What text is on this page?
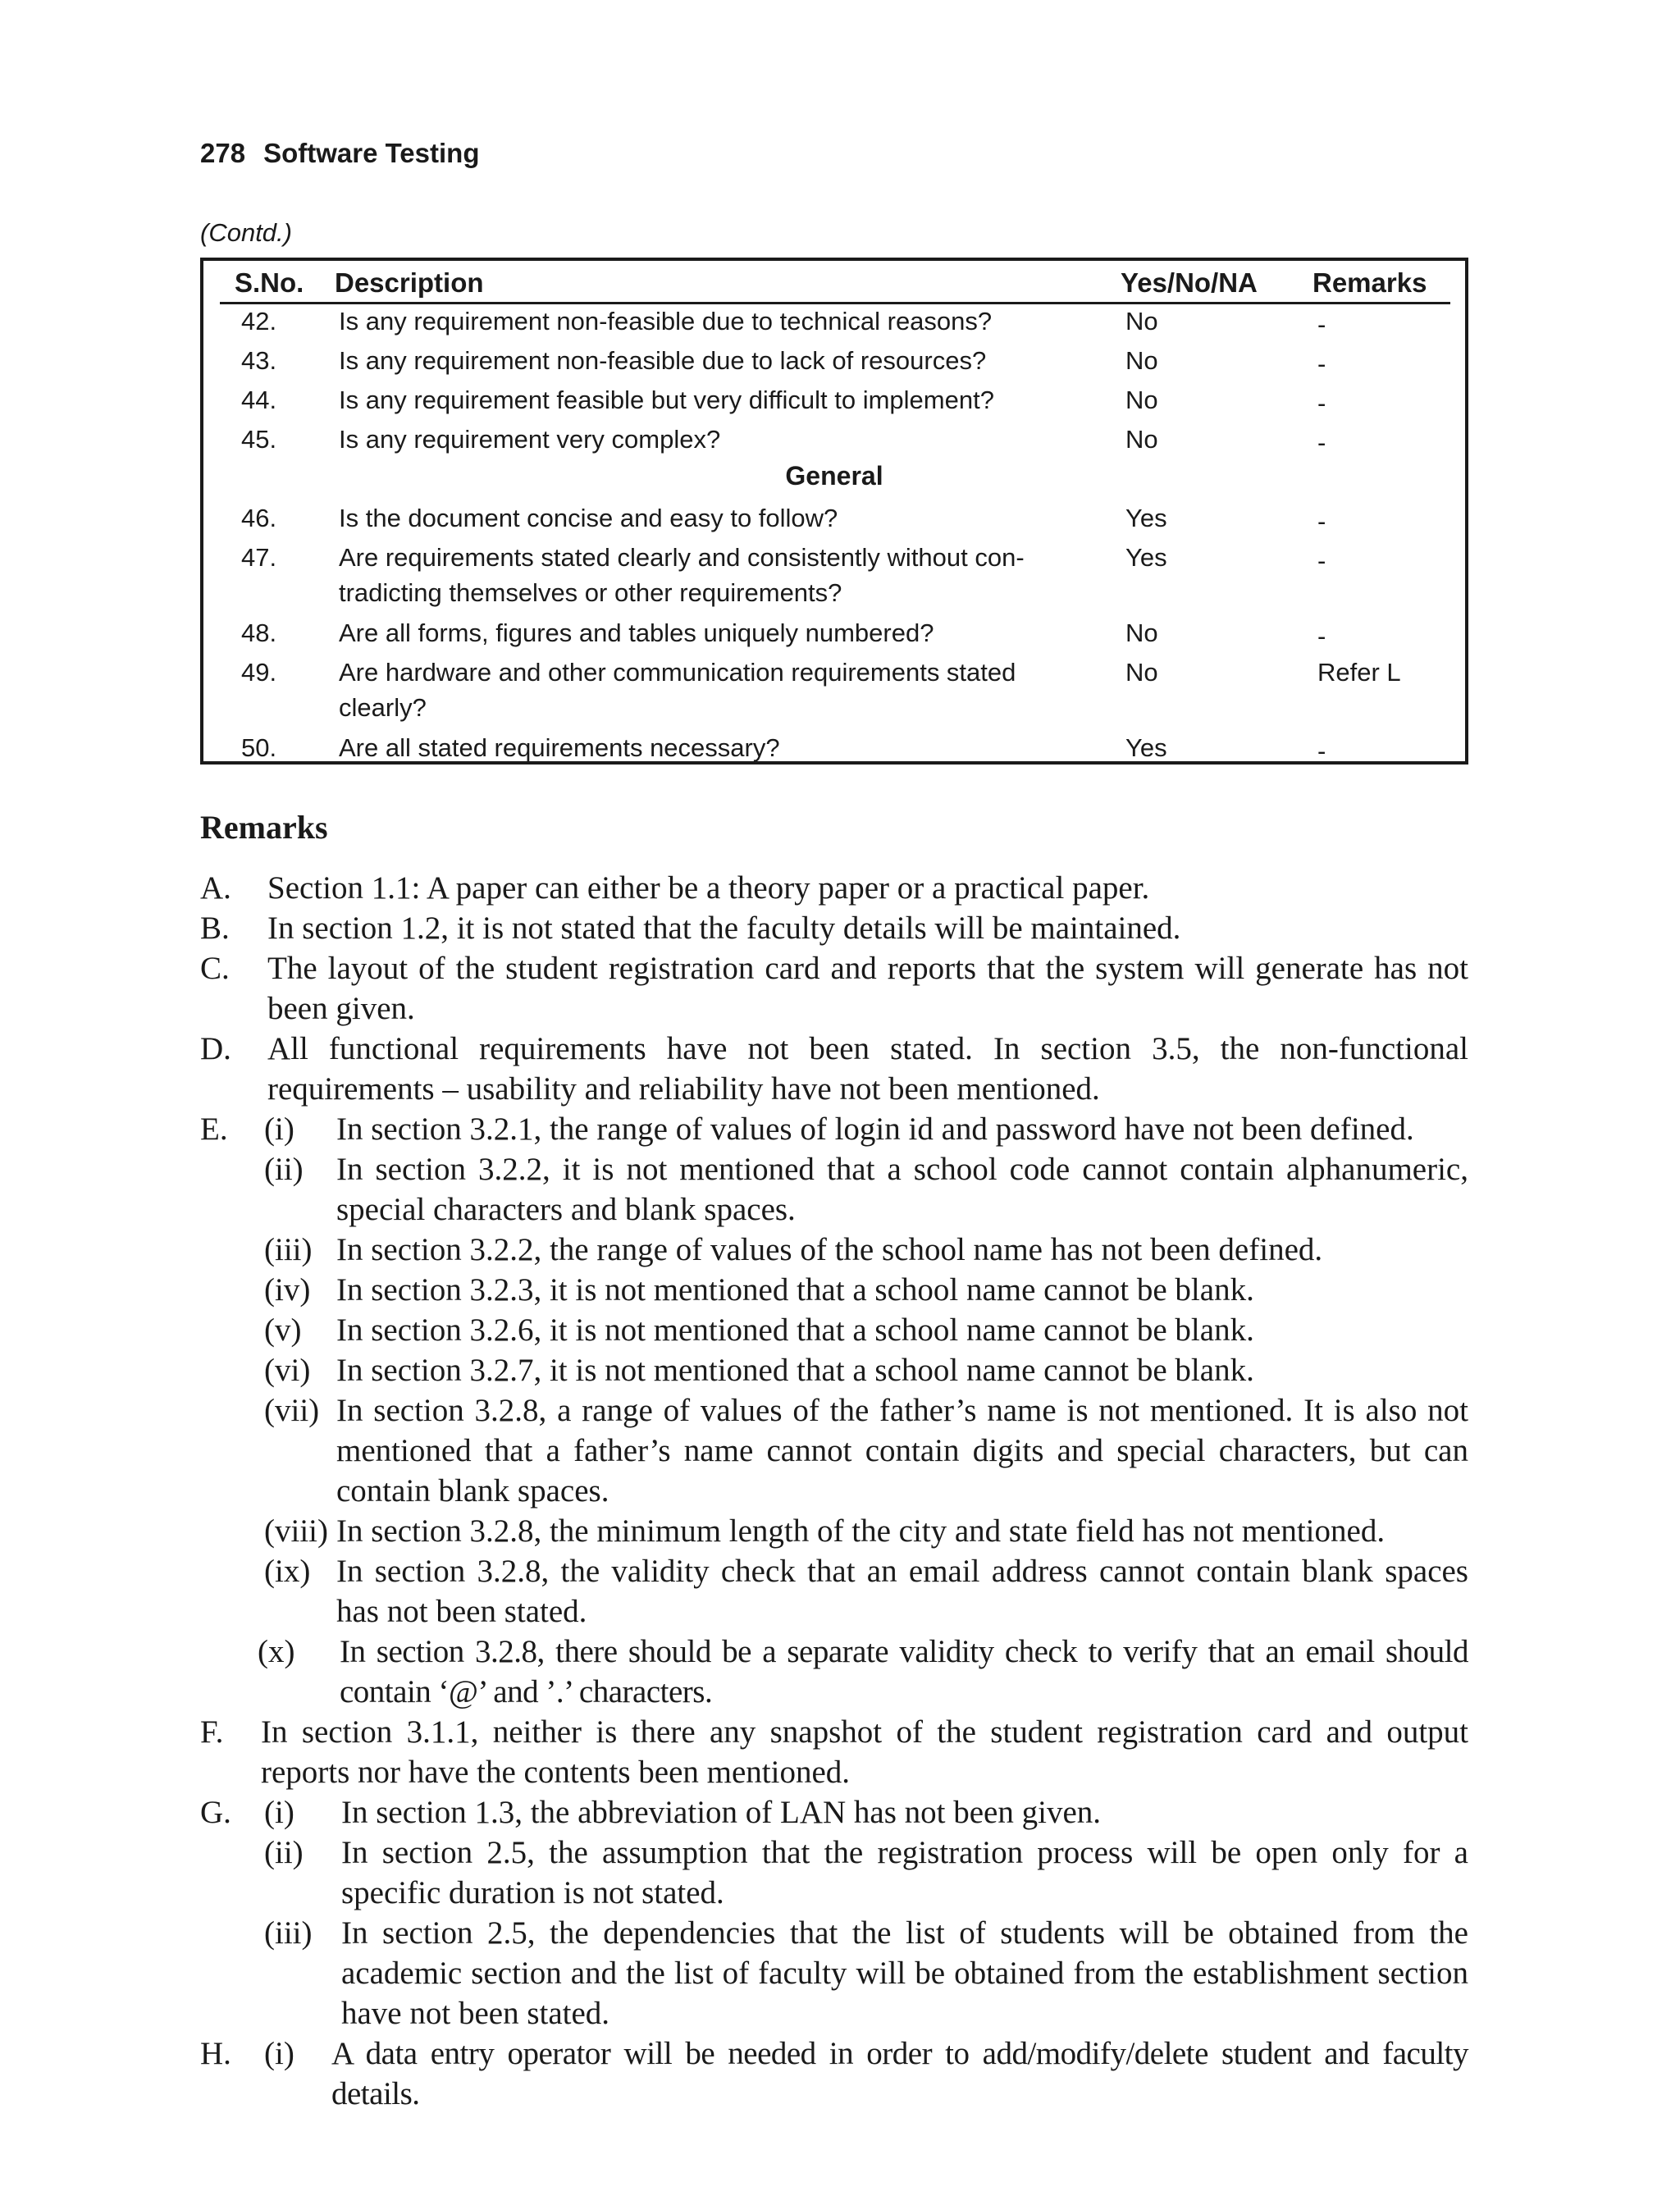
278 Software Testing
(Contd.)
S.No. Description	Yes/No/NA Remarks
42. Is any requirement non-feasible due to technical reasons?	No	-
43. Is any requirement non-feasible due to lack of resources?	No	-
44. Is any requirement feasible but very difficult to implement?	No	-
45. Is any requirement very complex?	No	-
General
46. Is the document concise and easy to follow?	Yes	-
47. Are requirements stated clearly and consistently without con-
tradicting themselves or other requirements?
Yes	-
48. Are all forms, figures and tables uniquely numbered?	No	-
49. Are hardware and other communication requirements stated
clearly?
No	Refer L
50. Are all stated requirements necessary?	Yes	-
Remarks
A. Section 1.1: A paper can either be a theory paper or a practical paper.
B. In section 1.2, it is not stated that the faculty details will be maintained.
C. The layout of the student registration card and reports that the system will generate has not been given.
D. All functional requirements have not been stated. In section 3.5, the non-functional requirements – usability and reliability have not been mentioned.
E. (i) In section 3.2.1, the range of values of login id and password have not been defined.
(ii) In section 3.2.2, it is not mentioned that a school code cannot contain alphanumeric, special characters and blank spaces.
(iii) In section 3.2.2, the range of values of the school name has not been defined.
(iv) In section 3.2.3, it is not mentioned that a school name cannot be blank.
(v) In section 3.2.6, it is not mentioned that a school name cannot be blank.
(vi) In section 3.2.7, it is not mentioned that a school name cannot be blank.
(vii) In section 3.2.8, a range of values of the father’s name is not mentioned. It is also not mentioned that a father’s name cannot contain digits and special characters, but can contain blank spaces.
(viii) In section 3.2.8, the minimum length of the city and state field has not mentioned.
(ix) In section 3.2.8, the validity check that an email address cannot contain blank spaces has not been stated.
(x) In section 3.2.8, there should be a separate validity check to verify that an email should contain ‘@’ and ’.’ characters.
F. In section 3.1.1, neither is there any snapshot of the student registration card and output reports nor have the contents been mentioned.
G. (i) In section 1.3, the abbreviation of LAN has not been given.
(ii) In section 2.5, the assumption that the registration process will be open only for a specific duration is not stated.
(iii) In section 2.5, the dependencies that the list of students will be obtained from the academic section and the list of faculty will be obtained from the establishment section have not been stated.
H. (i) A data entry operator will be needed in order to add/modify/delete student and faculty details.
